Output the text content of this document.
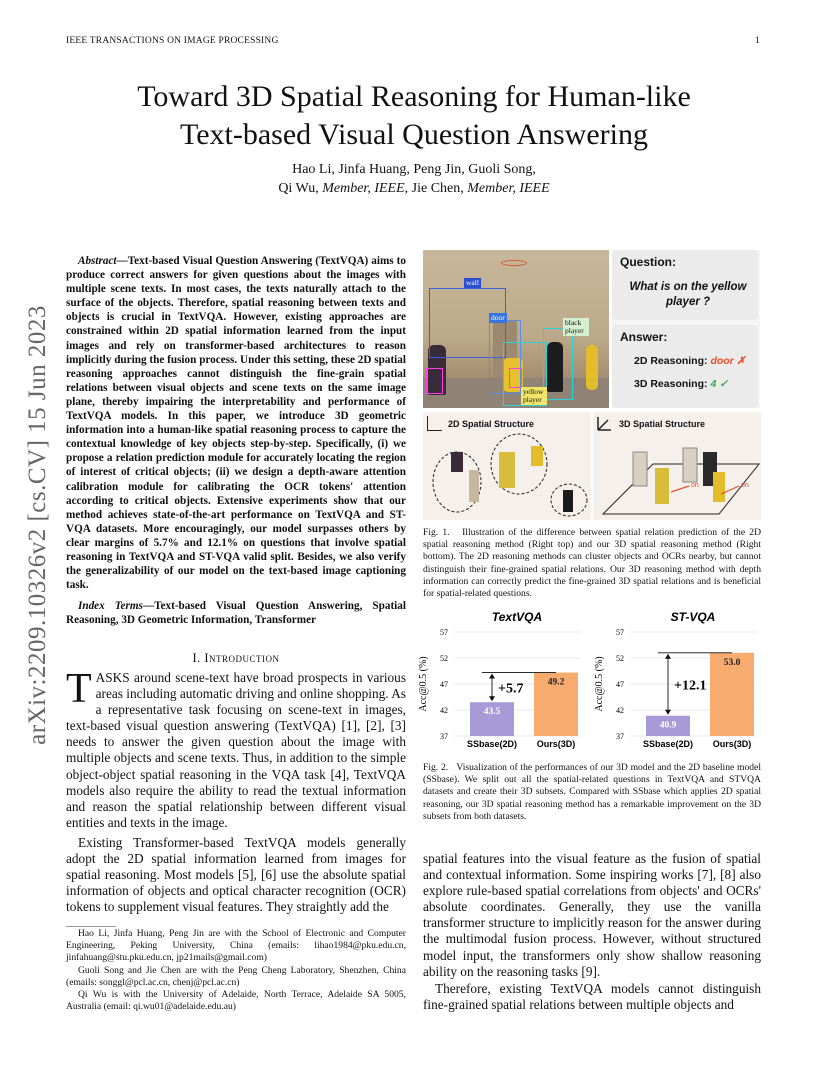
IEEE TRANSACTIONS ON IMAGE PROCESSING	1
arXiv:2209.10326v2 [cs.CV] 15 Jun 2023
Toward 3D Spatial Reasoning for Human-like
Text-based Visual Question Answering
Hao Li, Jinfa Huang, Peng Jin, Guoli Song,
Qi Wu, Member, IEEE, Jie Chen, Member, IEEE
Abstract—Text-based Visual Question Answering (TextVQA) aims to produce correct answers for given questions about the images with multiple scene texts. In most cases, the texts naturally attach to the surface of the objects. Therefore, spatial reasoning between texts and objects is crucial in TextVQA. However, existing approaches are constrained within 2D spatial information learned from the input images and rely on transformer-based architectures to reason implicitly during the fusion process. Under this setting, these 2D spatial reasoning approaches cannot distinguish the fine-grain spatial relations between visual objects and scene texts on the same image plane, thereby impairing the interpretability and performance of TextVQA models. In this paper, we introduce 3D geometric information into a human-like spatial reasoning process to capture the contextual knowledge of key objects step-by-step. Specifically, (i) we propose a relation prediction module for accurately locating the region of interest of critical objects; (ii) we design a depth-aware attention calibration module for calibrating the OCR tokens' attention according to critical objects. Extensive experiments show that our method achieves state-of-the-art performance on TextVQA and ST-VQA datasets. More encouragingly, our model surpasses others by clear margins of 5.7% and 12.1% on questions that involve spatial reasoning in TextVQA and ST-VQA valid split. Besides, we also verify the generalizability of our model on the text-based image captioning task.
Index Terms—Text-based Visual Question Answering, Spatial Reasoning, 3D Geometric Information, Transformer
I. Introduction
TASKS around scene-text have broad prospects in various areas including automatic driving and online shopping. As a representative task focusing on scene-text in images, text-based visual question answering (TextVQA) [1], [2], [3] needs to answer the given question about the image with multiple objects and scene texts. Thus, in addition to the simple object-object spatial reasoning in the VQA task [4], TextVQA models also require the ability to read the textual information and reason the spatial relationship between different visual entities and texts in the image.
Existing Transformer-based TextVQA models generally adopt the 2D spatial information learned from images for spatial reasoning. Most models [5], [6] use the absolute spatial information of objects and optical character recognition (OCR) tokens to supplement visual features. They straightly add the
Hao Li, Jinfa Huang, Peng Jin are with the School of Electronic and Computer Engineering, Peking University, China (emails: lihao1984@pku.edu.cn, jinfahuang@stu.pku.edu.cn, jp21mails@gmail.com)
Guoli Song and Jie Chen are with the Peng Cheng Laboratory, Shenzhen, China (emails: songgl@pcl.ac.cn, chenj@pcl.ac.cn)
Qi Wu is with the University of Adelaide, North Terrace, Adelaide SA 5005, Australia (email: qi.wu01@adelaide.edu.au)
wall
door
black player
yellow player
Question:
What is on the yellow player ?
Answer:
2D Reasoning: door ✗
3D Reasoning: 4 ✓
2D Spatial Structure	3D Spatial Structure
on	on
Fig. 1. Illustration of the difference between spatial relation prediction of the 2D spatial reasoning method (Right top) and our 3D spatial reasoning method (Right bottom). The 2D reasoning methods can cluster objects and OCRs nearby, but cannot distinguish their fine-grained spatial relations. Our 3D reasoning method with depth information can correctly predict the fine-grained 3D spatial relations and is beneficial for spatial-related questions.
TextVQA
Acc@0.5 (%)
37
42
47
52
57
43.5
SSbase(2D)
49.2
Ours(3D)
+5.7
ST-VQA
Acc@0.5 (%)
37
42
47
52
57
40.9
SSbase(2D)
53.0
Ours(3D)
+12.1
Fig. 2. Visualization of the performances of our 3D model and the 2D baseline model (SSbase). We split out all the spatial-related questions in TextVQA and STVQA datasets and create their 3D subsets. Compared with SSbase which applies 2D spatial reasoning, our 3D spatial reasoning method has a remarkable improvement on the 3D subsets from both datasets.
spatial features into the visual feature as the fusion of spatial and contextual information. Some inspiring works [7], [8] also explore rule-based spatial correlations from objects' and OCRs' absolute coordinates. Generally, they use the vanilla transformer structure to implicitly reason for the answer during the multimodal fusion process. However, without structured model input, the transformers only show shallow reasoning ability on the reasoning tasks [9].
Therefore, existing TextVQA models cannot distinguish fine-grained spatial relations between multiple objects and
